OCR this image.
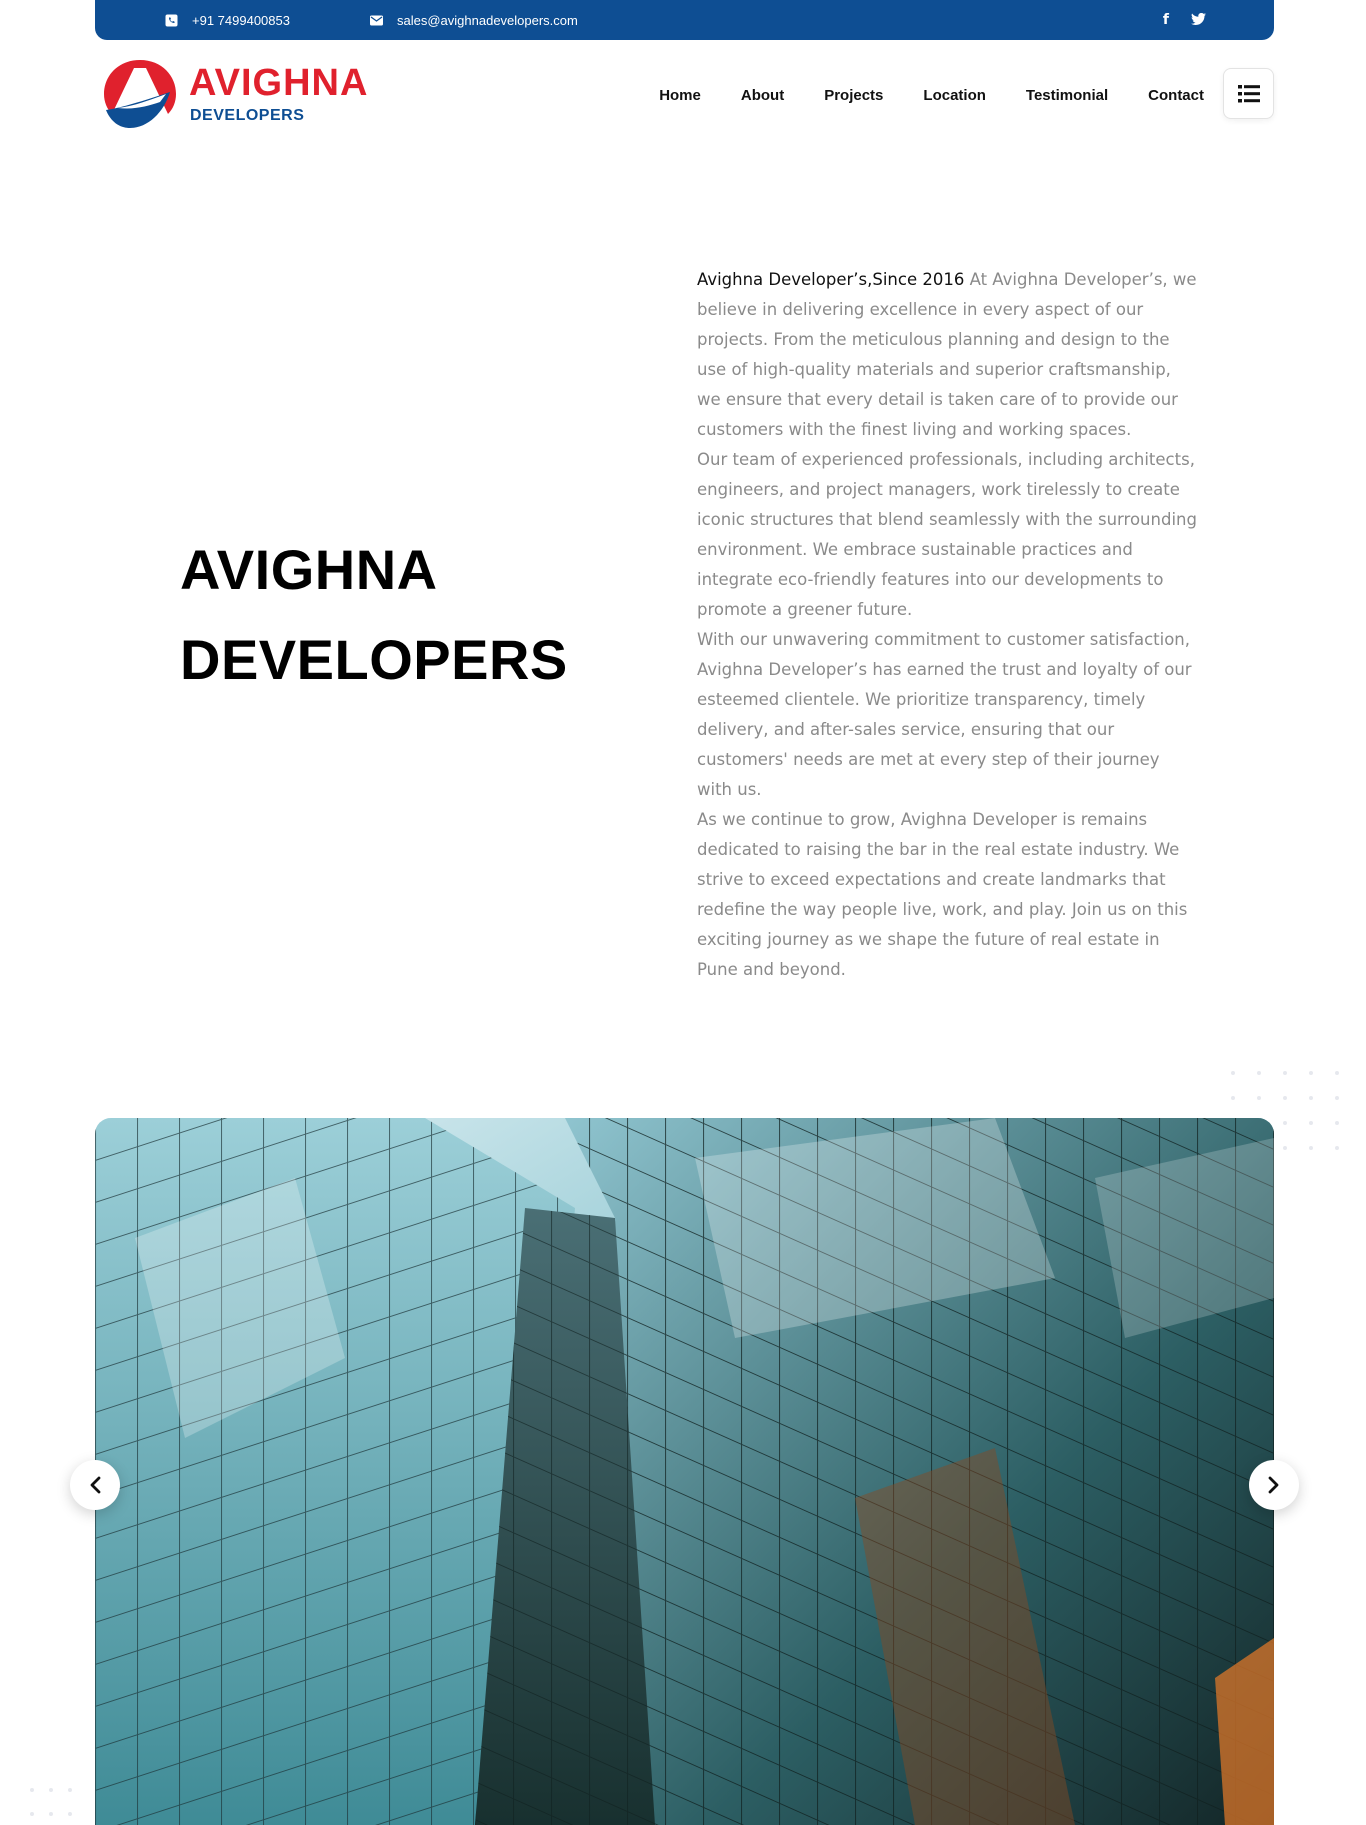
+91 7499400853	sales@avighnadevelopers.com	f
AVIGHNA
DEVELOPERS
Home	About	Projects	Location	Testimonial	Contact
AVIGHNA
DEVELOPERS

Avighna Developer’s,Since 2016 At Avighna Developer’s, we believe in delivering excellence in every aspect of our projects. From the meticulous planning and design to the use of high-quality materials and superior craftsmanship, we ensure that every detail is taken care of to provide our customers with the finest living and working spaces.

Our team of experienced professionals, including architects, engineers, and project managers, work tirelessly to create iconic structures that blend seamlessly with the surrounding environment. We embrace sustainable practices and integrate eco-friendly features into our developments to promote a greener future.

With our unwavering commitment to customer satisfaction, Avighna Developer’s has earned the trust and loyalty of our esteemed clientele. We prioritize transparency, timely delivery, and after-sales service, ensuring that our customers' needs are met at every step of their journey with us.

As we continue to grow, Avighna Developer is remains dedicated to raising the bar in the real estate industry. We strive to exceed expectations and create landmarks that redefine the way people live, work, and play. Join us on this exciting journey as we shape the future of real estate in Pune and beyond.
